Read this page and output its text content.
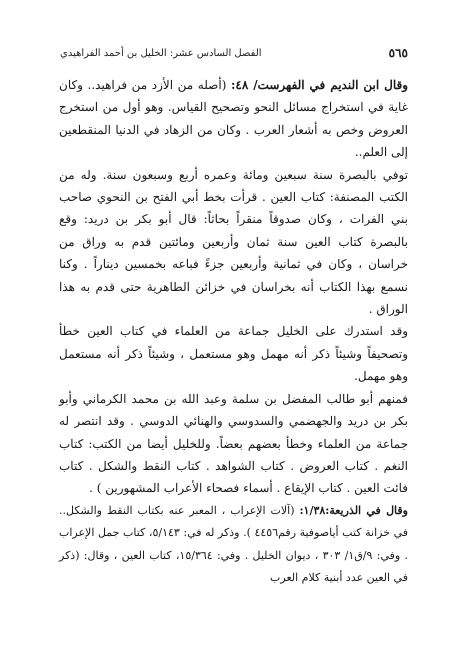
٥٦٥
الفصل السادس عشر: الخليل بن أحمد الفراهيدي

وقال ابن النديم في الفهرست/ ٤٨: (أصله من الأزد من فراهيد.. وكان غاية في استخراج مسائل النحو وتصحيح القياس. وهو أول من استخرج العروض وخص به أشعار العرب . وكان من الزهاد في الدنيا المنقطعين إلى العلم..

توفي بالبصرة سنة سبعين ومائة وعمره أربع وسبعون سنة. وله من الكتب المصنفة: كتاب العين . قرأت بخط أبي الفتح بن النحوي صاحب بني الفرات ، وكان صدوقاً منقراً بحاثاً: قال أبو بكر بن دريد: وقع بالبصرة كتاب العين سنة ثمان وأربعين ومائتين قدم به وراق من خراسان ، وكان في ثمانية وأربعين جزءً فباعه بخمسين ديناراً . وكنا نسمع بهذا الكتاب أنه بخراسان في خزائن الطاهرية حتى قدم به هذا الوراق .

وقد استدرك على الخليل جماعة من العلماء في كتاب العين خطأ وتصحيفاً وشيئاً ذكر أنه مهمل وهو مستعمل ، وشيئاً ذكر أنه مستعمل وهو مهمل.

فمنهم أبو طالب المفضل بن سلمة وعبد الله بن محمد الكرماني وأبو بكر بن دريد والجهضمي والسدوسي والهنائي الدوسي . وقد انتصر له جماعة من العلماء وخطأ بعضهم بعضاً. وللخليل أيضا من الكتب: كتاب النغم . كتاب العروض . كتاب الشواهد . كتاب النقط والشكل . كتاب فائت العين . كتاب الإيقاع . أسماء فصحاء الأعراب المشهورين ) .

وقال في الذريعة:١/٣٨: (آلات الإعراب ، المعبر عنه بكتاب النقط والشكل.. في خزانة كتب أياصوفية رقم٤٤٥٦ ). وذكر له في: ٥/١٤٣، كتاب جمل الإعراب . وفي: ٩/ق١/ ٣٠٣ ، ديوان الخليل . وفي: ١٥/٣٦٤، كتاب العين ، وقال: (ذكر في العين عدد أبنية كلام العرب
